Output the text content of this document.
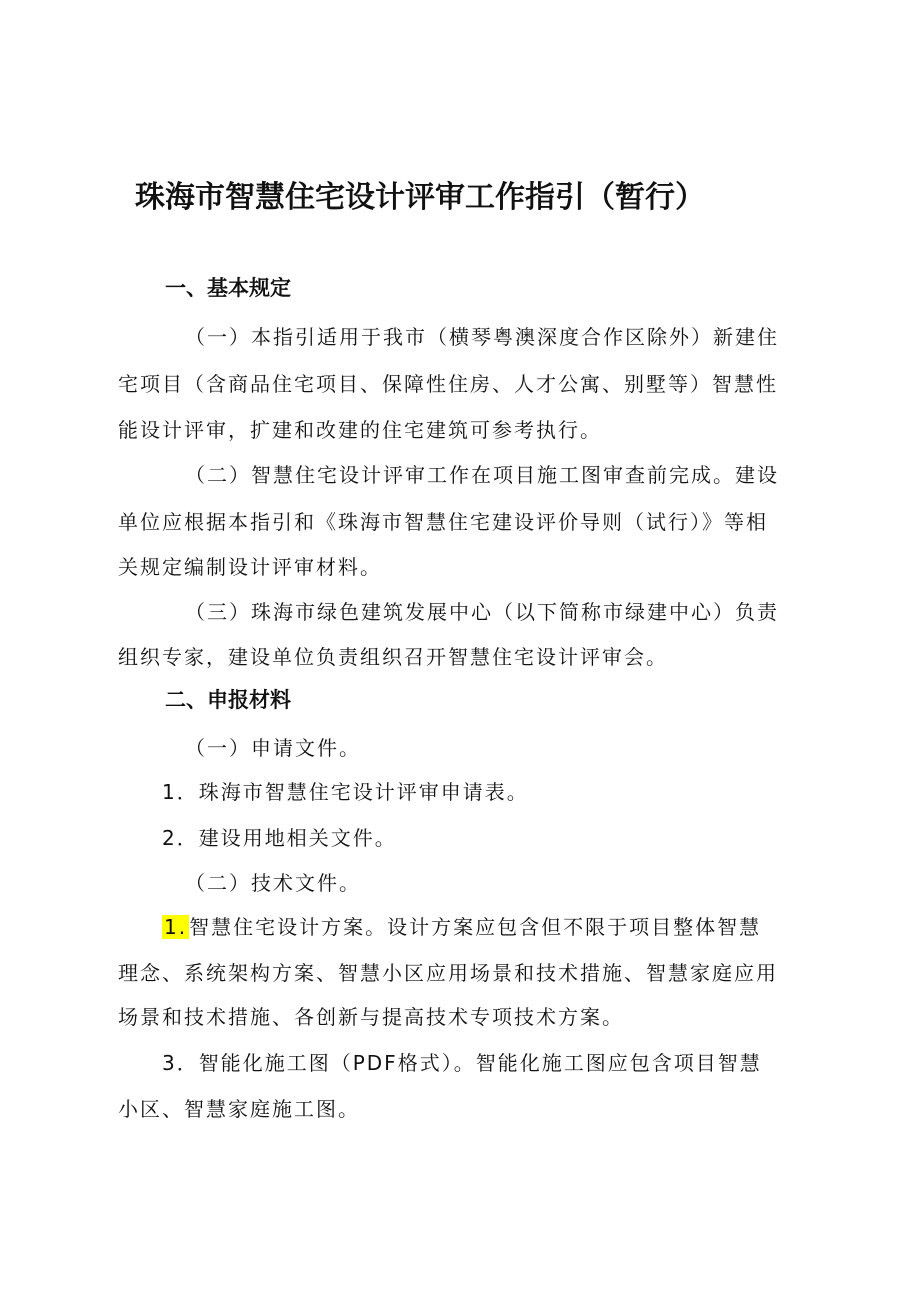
珠海市智慧住宅设计评审工作指引（暂行）
一、基本规定
（一）本指引适用于我市（横琴粤澳深度合作区除外）新建住
宅项目（含商品住宅项目、保障性住房、人才公寓、别墅等）智慧性
能设计评审，扩建和改建的住宅建筑可参考执行。
（二）智慧住宅设计评审工作在项目施工图审查前完成。建设
单位应根据本指引和《珠海市智慧住宅建设评价导则（试行）》等相
关规定编制设计评审材料。
（三）珠海市绿色建筑发展中心（以下简称市绿建中心）负责
组织专家，建设单位负责组织召开智慧住宅设计评审会。
二、申报材料
（一）申请文件。
1．珠海市智慧住宅设计评审申请表。
2．建设用地相关文件。
（二）技术文件。
1. 智慧住宅设计方案。设计方案应包含但不限于项目整体智慧
理念、系统架构方案、智慧小区应用场景和技术措施、智慧家庭应用
场景和技术措施、各创新与提高技术专项技术方案。
3．智能化施工图（PDF格式）。智能化施工图应包含项目智慧
小区、智慧家庭施工图。
